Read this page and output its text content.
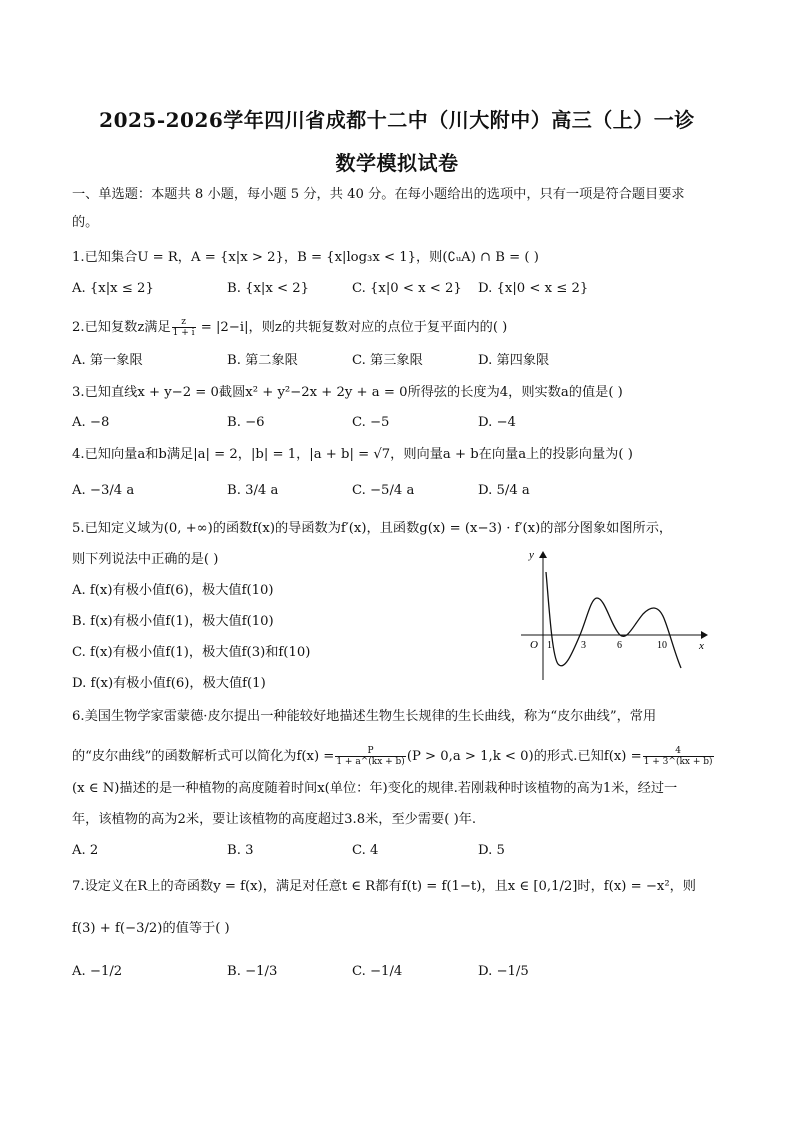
2025-2026学年四川省成都十二中（川大附中）高三（上）一诊
数学模拟试卷
一、单选题：本题共 8 小题，每小题 5 分，共 40 分。在每小题给出的选项中，只有一项是符合题目要求
的。
1.已知集合U = R，A = {x|x > 2}，B = {x|log₃x < 1}，则(∁ᵤA) ∩ B = ( )
A. {x|x ≤ 2}	B. {x|x < 2}	C. {x|0 < x < 2} D. {x|0 < x ≤ 2}
2.已知复数z满足 $\frac{z}{1 + i} = |2-i|$，则z的共轭复数对应的点位于复平面内的( )
A. 第一象限	B. 第二象限	C. 第三象限	D. 第四象限
3.已知直线x + y−2 = 0截圆x² + y²−2x + 2y + a = 0所得弦的长度为4，则实数a的值是( )
A. −8	B. −6	C. −5	D. −4
4.已知向量a和b满足|a| = 2，|b| = 1，|a + b| = √7，则向量a + b在向量a上的投影向量为( )
A. −3/4 a	B. 3/4 a	C. −5/4 a	D. 5/4 a
5.已知定义域为(0, +∞)的函数f(x)的导函数为f′(x)，且函数g(x) = (x−3) · f′(x)的部分图象如图所示，
则下列说法中正确的是( )
A. f(x)有极小值f(6)，极大值f(10)
B. f(x)有极小值f(1)，极大值f(10)
C. f(x)有极小值f(1)，极大值f(3)和f(10)
D. f(x)有极小值f(6)，极大值f(1)
y
x
O 1	3	6	10
6.美国生物学家雷蒙德·皮尔提出一种能较好地描述生物生长规律的生长曲线，称为“皮尔曲线”，常用
的“皮尔曲线”的函数解析式可以简化为$f(x) = \frac{P}{1 + a\^{}(kx + b)} (P > 0,a > 1,k < 0)$的形式.已知$f(x) = \frac{4}{1 + 3\^{}(kx + b)}$
(x ∈ N)描述的是一种植物的高度随着时间x(单位：年)变化的规律.若刚栽种时该植物的高为1米，经过一
年，该植物的高为2米，要让该植物的高度超过3.8米，至少需要( )年.
A. 2	B. 3	C. 4	D. 5
7.设定义在R上的奇函数y = f(x)，满足对任意t ∈ R都有f(t) = f(1−t)，且x ∈ [0,1/2]时，f(x) = −x²，则
f(3) + f(−3/2)的值等于( )
A. −1/2	B. −1/3	C. −1/4	D. −1/5
